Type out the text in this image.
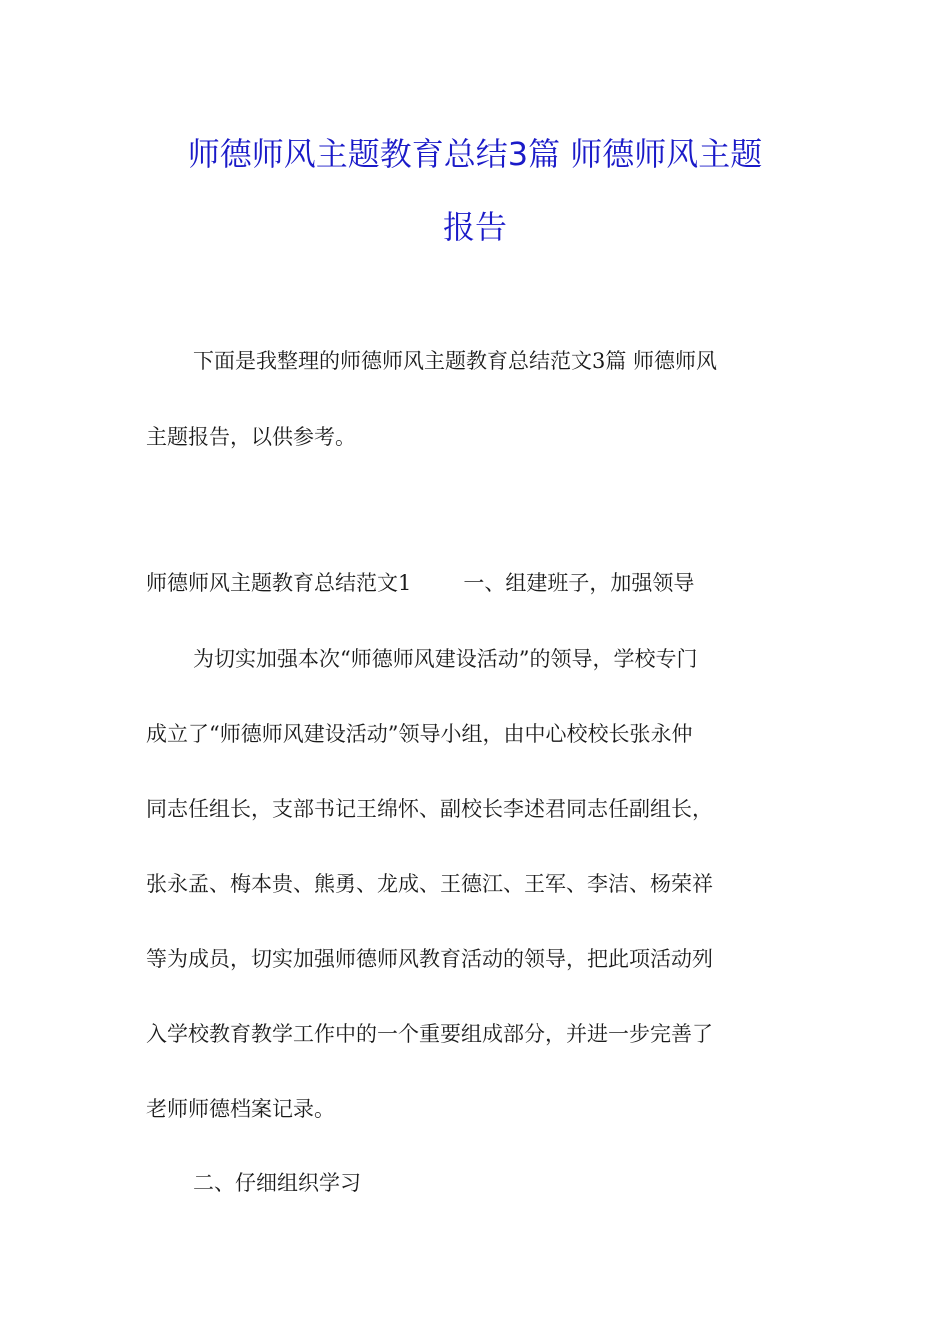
师德师风主题教育总结3篇 师德师风主题
报告

下面是我整理的师德师风主题教育总结范文3篇 师德师风

主题报告，以供参考。

师德师风主题教育总结范文1 一、组建班子，加强领导

为切实加强本次“师德师风建设活动”的领导，学校专门

成立了“师德师风建设活动”领导小组，由中心校校长张永仲

同志任组长，支部书记王绵怀、副校长李述君同志任副组长，

张永孟、梅本贵、熊勇、龙成、王德江、王军、李洁、杨荣祥

等为成员，切实加强师德师风教育活动的领导，把此项活动列

入学校教育教学工作中的一个重要组成部分，并进一步完善了

老师师德档案记录。

二、仔细组织学习
